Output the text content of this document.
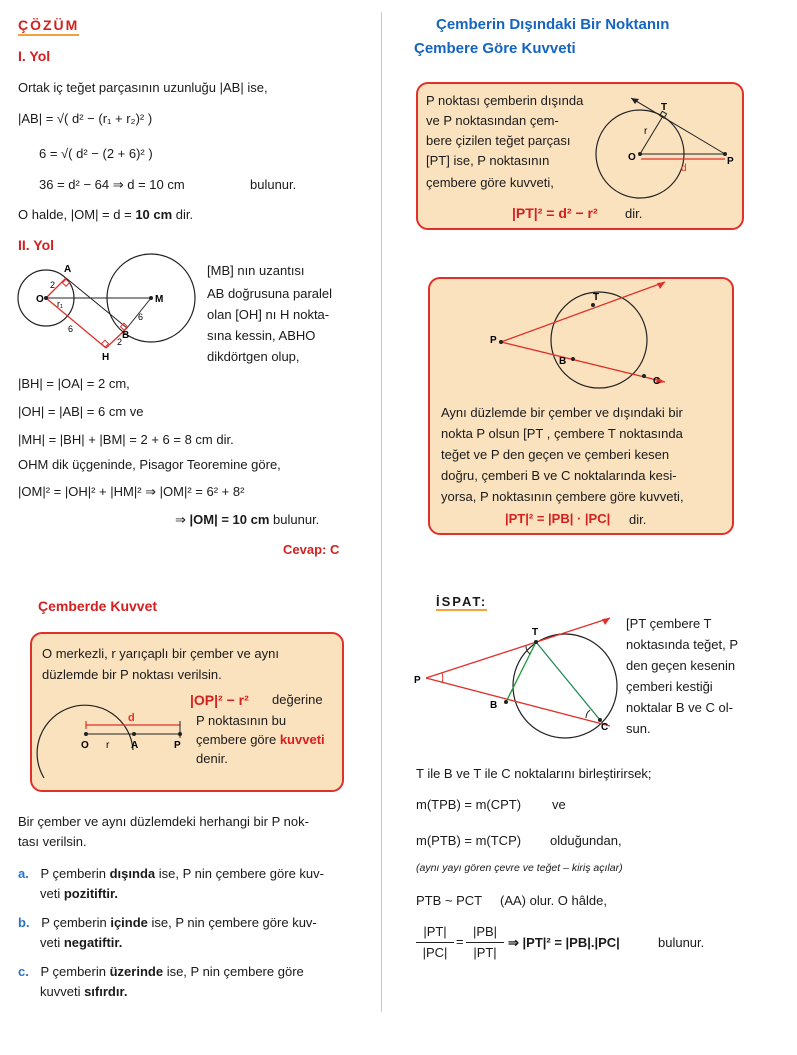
ÇÖZÜM
I. Yol
Ortak iç teğet parçasının uzunluğu |AB| ise,
|AB| = √( d² − (r₁ + r₂)² )
6 = √( d² − (2 + 6)² )
36 = d² − 64 ⇒ d = 10 cm	bulunur.
O halde, |OM| = d = 10 cm dir.
II. Yol
A
O	M
B
H
r₁
2
2
6
6
[MB] nın uzantısı
AB doğrusuna paralel
olan [OH] nı H nokta-
sına kessin, ABHO
dikdörtgen olup,
|BH| = |OA| = 2 cm,
|OH| = |AB| = 6 cm ve
|MH| = |BH| + |BM| = 2 + 6 = 8 cm dir.
OHM dik üçgeninde, Pisagor Teoremine göre,
|OM|² = |OH|² + |HM|² ⇒ |OM|² = 6² + 8²
⇒ |OM| = 10 cm bulunur.
Cevap: C
Çemberde Kuvvet
O merkezli, r yarıçaplı bir çember ve aynı
düzlemde bir P noktası verilsin.
|OP|² − r² değerine
P noktasının bu
çembere göre kuvveti
denir.
d
O r A	P
Bir çember ve aynı düzlemdeki herhangi bir P nok-
tası verilsin.
a. P çemberin dışında ise, P nin çembere göre kuv-
veti pozitiftir.
b. P çemberin içinde ise, P nin çembere göre kuv-
veti negatiftir.
c. P çemberin üzerinde ise, P nin çembere göre
kuvveti sıfırdır.
Çemberin Dışındaki Bir Noktanın
Çembere Göre Kuvveti
P noktası çemberin dışında
ve P noktasından çem-
bere çizilen teğet parçası
[PT] ise, P noktasının
çembere göre kuvveti,
|PT|² = d² − r² dir.
T
O	P
r
d
T
P
B
C
Aynı düzlemde bir çember ve dışındaki bir
nokta P olsun [PT , çembere T noktasında
teğet ve P den geçen ve çemberi kesen
doğru, çemberi B ve C noktalarında kesi-
yorsa, P noktasının çembere göre kuvveti,
|PT|² = |PB| · |PC| dir.
İSPAT:
T
P
B
C
[PT çembere T
noktasında teğet, P
den geçen kesenin
çemberi kestiği
noktalar B ve C ol-
sun.
T ile B ve T ile C noktalarını birleştirirsek;
m(TPB) = m(CPT) ve
m(PTB) = m(TCP) olduğundan,
(aynı yayı gören çevre ve teğet – kiriş açılar)
PTB ~ PCT (AA) olur. O hâlde,
|PT|
|PC|
=
|PB|
|PT|
⇒ |PT|² = |PB|.|PC|	bulunur.
